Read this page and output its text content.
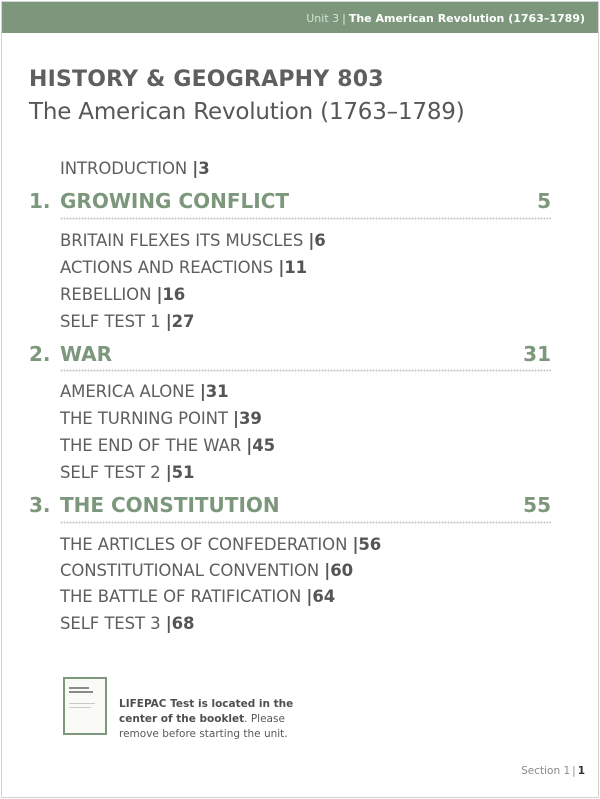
Unit 3 | The American Revolution (1763–1789)
HISTORY & GEOGRAPHY 803
The American Revolution (1763–1789)
INTRODUCTION |3
1. GROWING CONFLICT	5
BRITAIN FLEXES ITS MUSCLES |6
ACTIONS AND REACTIONS |11
REBELLION |16
SELF TEST 1 |27
2. WAR	31
AMERICA ALONE |31
THE TURNING POINT |39
THE END OF THE WAR |45
SELF TEST 2 |51
3. THE CONSTITUTION	55
THE ARTICLES OF CONFEDERATION |56
CONSTITUTIONAL CONVENTION |60
THE BATTLE OF RATIFICATION |64
SELF TEST 3 |68
LIFEPAC Test is located in the center of the booklet. Please remove before starting the unit.
Section 1 | 1
